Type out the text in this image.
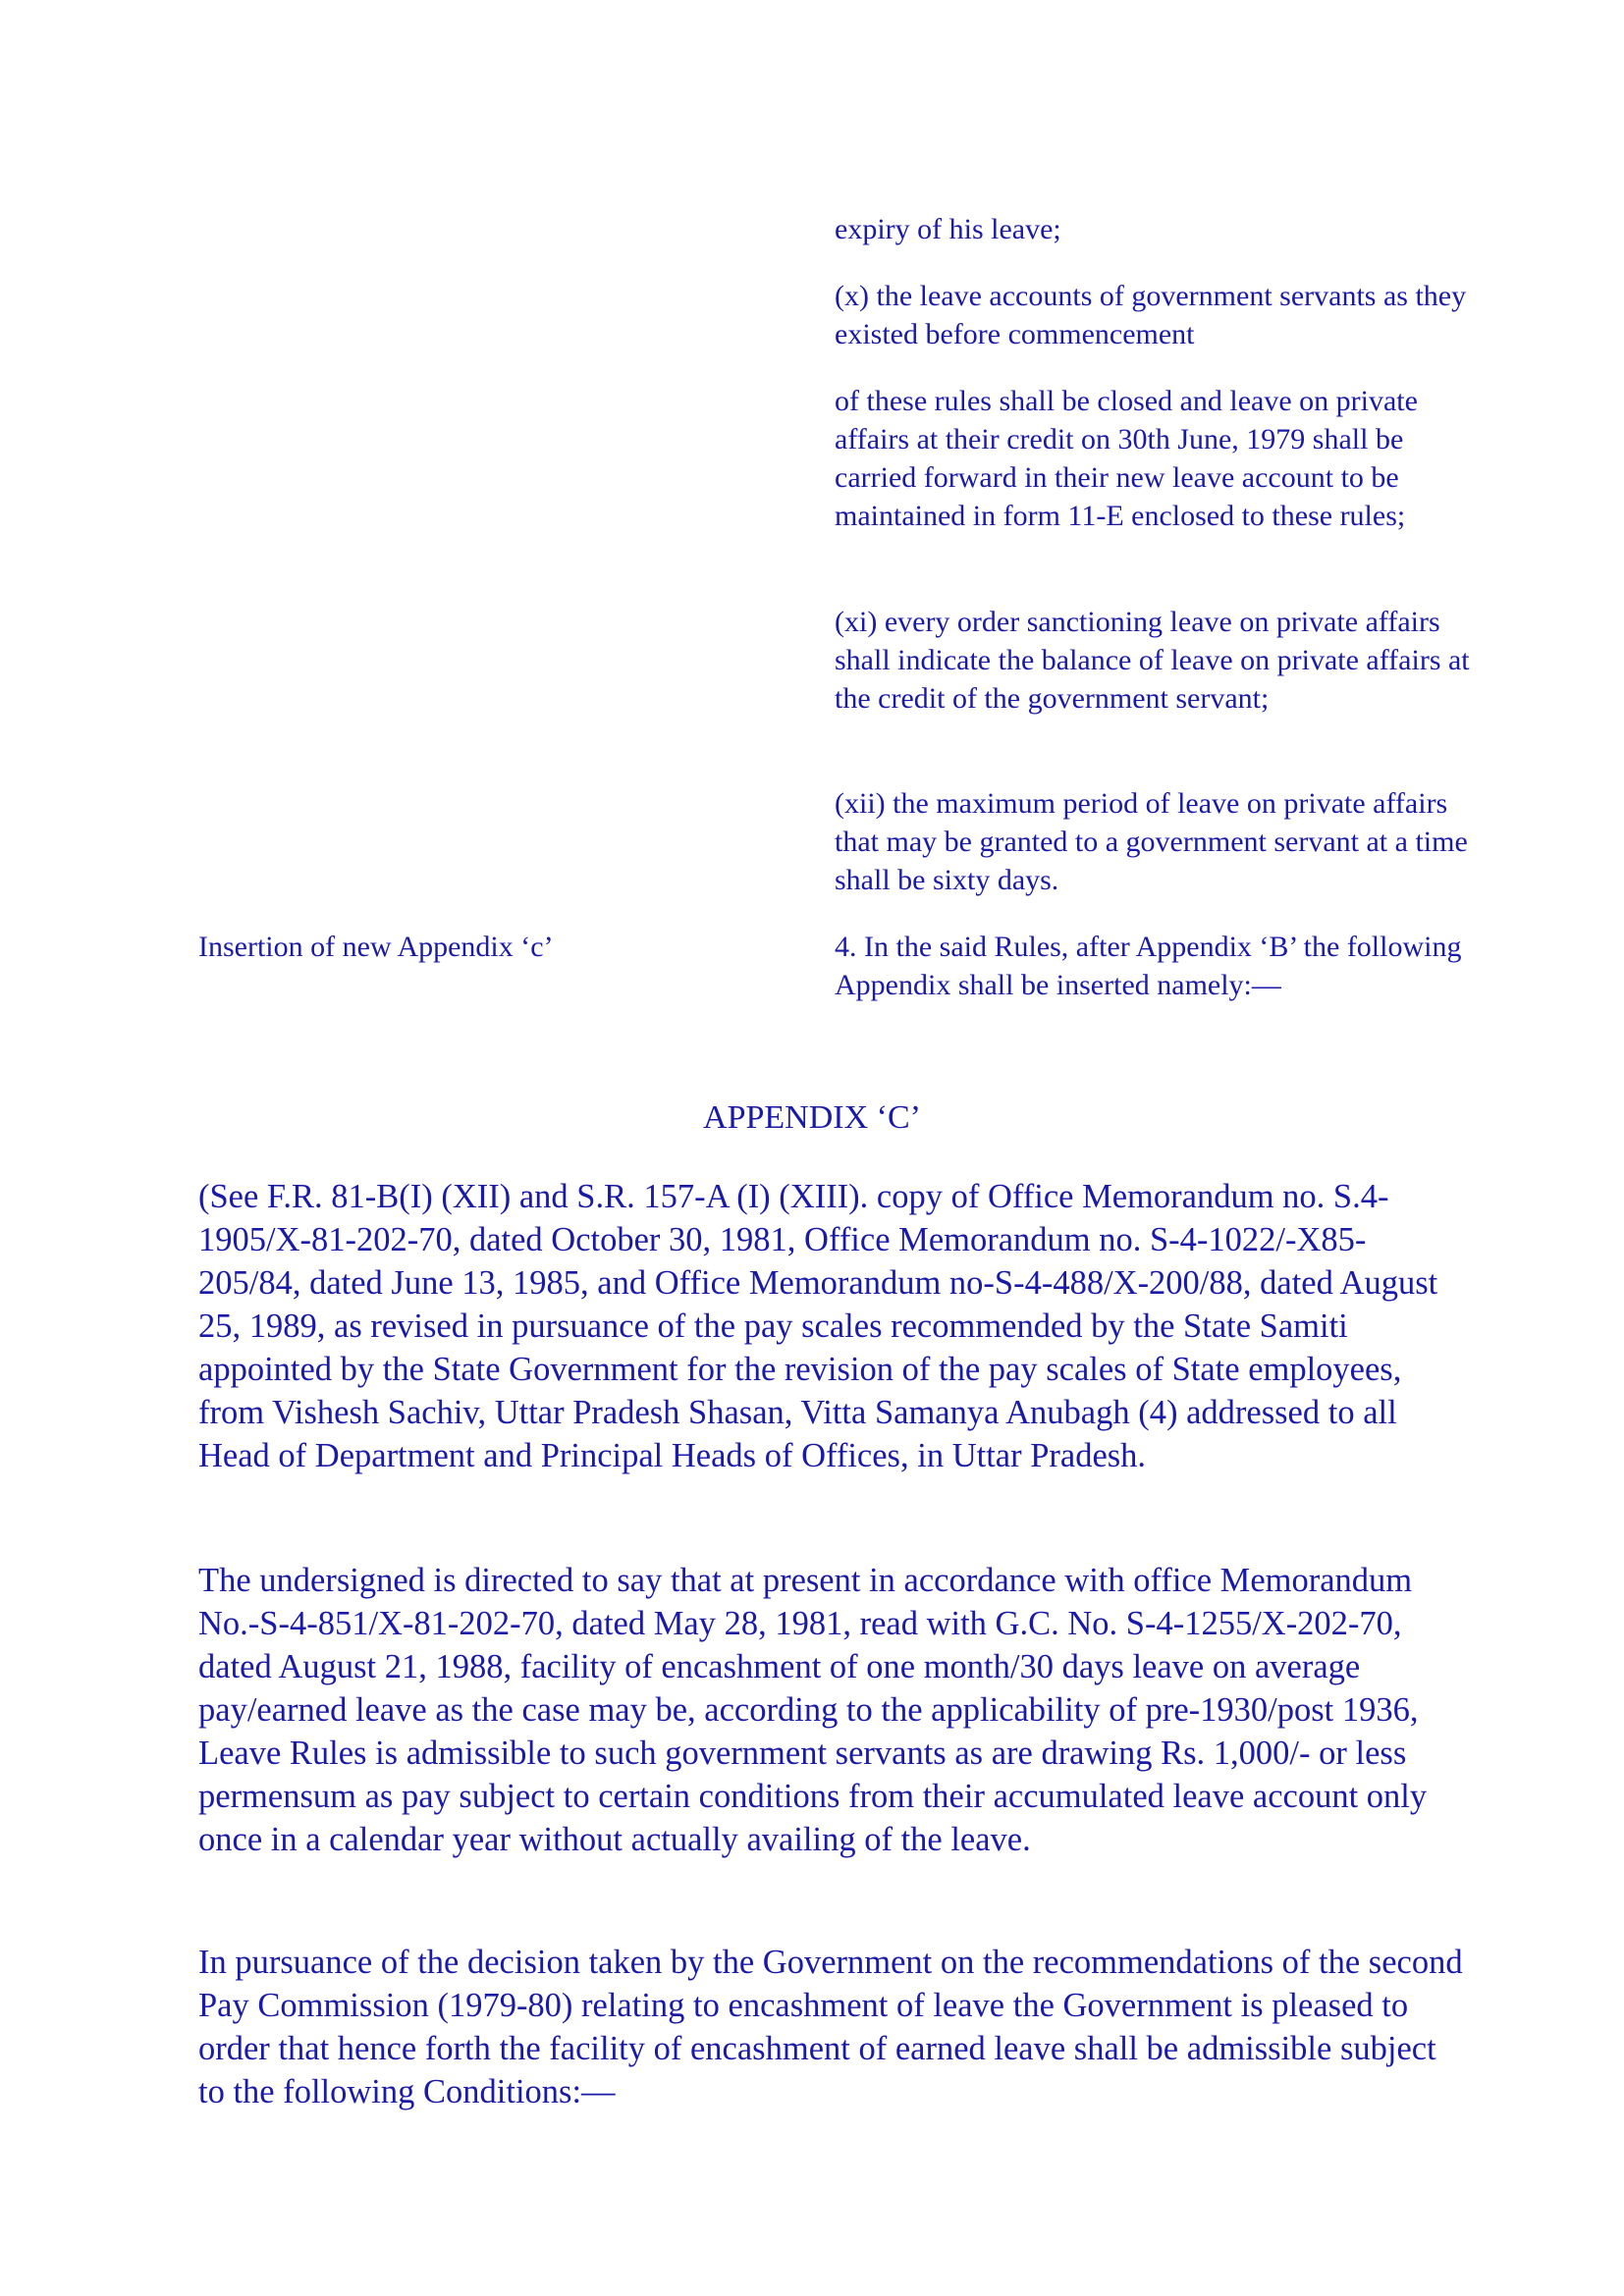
expiry of his leave;

(x) the leave accounts of government servants as they existed before commencement

of these rules shall be closed and leave on private affairs at their credit on 30th June, 1979 shall be carried forward in their new leave account to be maintained in form 11-E enclosed to these rules;

(xi) every order sanctioning leave on private affairs shall indicate the balance of leave on private affairs at the credit of the government servant;

(xii) the maximum period of leave on private affairs that may be granted to a government servant at a time shall be sixty days.

Insertion of new Appendix ‘c’	4. In the said Rules, after Appendix ‘B’ the following Appendix shall be inserted namely:—

APPENDIX ‘C’

(See F.R. 81-B(I) (XII) and S.R. 157-A (I) (XIII). copy of Office Memorandum no. S.4-1905/X-81-202-70, dated October 30, 1981, Office Memorandum no. S-4-1022/-X85-205/84, dated June 13, 1985, and Office Memorandum no-S-4-488/X-200/88, dated August 25, 1989, as revised in pursuance of the pay scales recommended by the State Samiti appointed by the State Government for the revision of the pay scales of State employees, from Vishesh Sachiv, Uttar Pradesh Shasan, Vitta Samanya Anubagh (4) addressed to all Head of Department and Principal Heads of Offices, in Uttar Pradesh.

The undersigned is directed to say that at present in accordance with office Memorandum No.-S-4-851/X-81-202-70, dated May 28, 1981, read with G.C. No. S-4-1255/X-202-70, dated August 21, 1988, facility of encashment of one month/30 days leave on average pay/earned leave as the case may be, according to the applicability of pre-1930/post 1936, Leave Rules is admissible to such government servants as are drawing Rs. 1,000/- or less permensum as pay subject to certain conditions from their accumulated leave account only once in a calendar year without actually availing of the leave.

In pursuance of the decision taken by the Government on the recommendations of the second Pay Commission (1979-80) relating to encashment of leave the Government is pleased to order that hence forth the facility of encashment of earned leave shall be admissible subject to the following Conditions:—
